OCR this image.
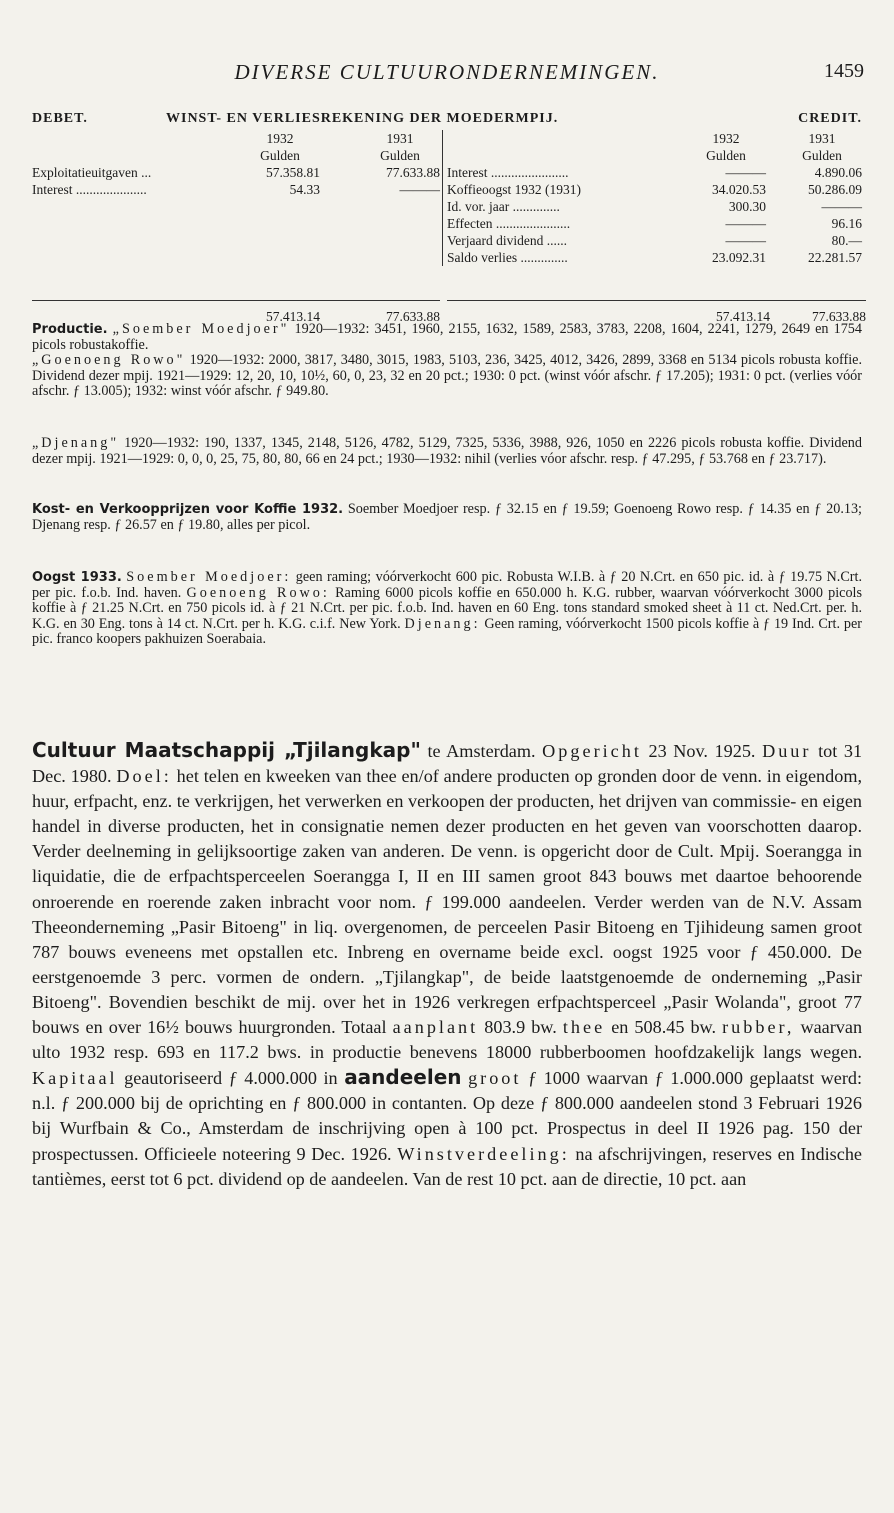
DIVERSE CULTUURONDERNEMINGEN.	1459
DEBET.	WINST- EN VERLIESREKENING DER MOEDERMPIJ.	CREDIT.
1932	1931
Gulden	Gulden
Exploitatieuitgaven ...	57.358.81	77.633.88
Interest .....................	54.33	———
57.413.14	77.633.88
1932	1931
Gulden	Gulden
Interest .......................	———	4.890.06
Koffieoogst 1932 (1931)	34.020.53	50.286.09
Id. vor. jaar ..............	300.30	———
Effecten ......................	———	96.16
Verjaard dividend ......	———	80.—
Saldo verlies ..............	23.092.31	22.281.57
57.413.14	77.633.88

Productie. „Soember Moedjoer" 1920—1932: 3451, 1960, 2155, 1632, 1589, 2583, 3783, 2208, 1604, 2241, 1279, 2649 en 1754 picols robustakoffie.

„Goenoeng Rowo" 1920—1932: 2000, 3817, 3480, 3015, 1983, 5103, 236, 3425, 4012, 3426, 2899, 3368 en 5134 picols robusta koffie. Dividend dezer mpij. 1921—1929: 12, 20, 10, 10½, 60, 0, 23, 32 en 20 pct.; 1930: 0 pct. (winst vóór afschr. ƒ 17.205); 1931: 0 pct. (verlies vóór afschr. ƒ 13.005); 1932: winst vóór afschr. ƒ 949.80.

„Djenang" 1920—1932: 190, 1337, 1345, 2148, 5126, 4782, 5129, 7325, 5336, 3988, 926, 1050 en 2226 picols robusta koffie. Dividend dezer mpij. 1921—1929: 0, 0, 0, 25, 75, 80, 80, 66 en 24 pct.; 1930—1932: nihil (verlies vóor afschr. resp. ƒ 47.295, ƒ 53.768 en ƒ 23.717).

Kost- en Verkoopprijzen voor Koffie 1932. Soember Moedjoer resp. ƒ 32.15 en ƒ 19.59; Goenoeng Rowo resp. ƒ 14.35 en ƒ 20.13; Djenang resp. ƒ 26.57 en ƒ 19.80, alles per picol.

Oogst 1933. Soember Moedjoer: geen raming; vóórverkocht 600 pic. Robusta W.I.B. à ƒ 20 N.Crt. en 650 pic. id. à ƒ 19.75 N.Crt. per pic. f.o.b. Ind. haven. Goenoeng Rowo: Raming 6000 picols koffie en 650.000 h. K.G. rubber, waarvan vóórverkocht 3000 picols koffie à ƒ 21.25 N.Crt. en 750 picols id. à ƒ 21 N.Crt. per pic. f.o.b. Ind. haven en 60 Eng. tons standard smoked sheet à 11 ct. Ned.Crt. per. h. K.G. en 30 Eng. tons à 14 ct. N.Crt. per h. K.G. c.i.f. New York. Djenang: Geen raming, vóórverkocht 1500 picols koffie à ƒ 19 Ind. Crt. per pic. franco koopers pakhuizen Soerabaia.

Cultuur Maatschappij „Tjilangkap" te Amsterdam. Opgericht 23 Nov. 1925. Duur tot 31 Dec. 1980. Doel: het telen en kweeken van thee en/of andere producten op gronden door de venn. in eigendom, huur, erfpacht, enz. te verkrijgen, het verwerken en verkoopen der producten, het drijven van commissie- en eigen handel in diverse producten, het in consignatie nemen dezer producten en het geven van voorschotten daarop. Verder deelneming in gelijksoortige zaken van anderen. De venn. is opgericht door de Cult. Mpij. Soerangga in liquidatie, die de erfpachtsperceelen Soerangga I, II en III samen groot 843 bouws met daartoe behoorende onroerende en roerende zaken inbracht voor nom. ƒ 199.000 aandeelen. Verder werden van de N.V. Assam Theeonderneming „Pasir Bitoeng" in liq. overgenomen, de perceelen Pasir Bitoeng en Tjihideung samen groot 787 bouws eveneens met opstallen etc. Inbreng en overname beide excl. oogst 1925 voor ƒ 450.000. De eerstgenoemde 3 perc. vormen de ondern. „Tjilangkap", de beide laatstgenoemde de onderneming „Pasir Bitoeng". Bovendien beschikt de mij. over het in 1926 verkregen erfpachtsperceel „Pasir Wolanda", groot 77 bouws en over 16½ bouws huurgronden. Totaal aanplant 803.9 bw. thee en 508.45 bw. rubber, waarvan ulto 1932 resp. 693 en 117.2 bws. in productie benevens 18000 rubberboomen hoofdzakelijk langs wegen. Kapitaal geautoriseerd ƒ 4.000.000 in aandeelen groot ƒ 1000 waarvan ƒ 1.000.000 geplaatst werd: n.l. ƒ 200.000 bij de oprichting en ƒ 800.000 in contanten. Op deze ƒ 800.000 aandeelen stond 3 Februari 1926 bij Wurfbain & Co., Amsterdam de inschrijving open à 100 pct. Prospectus in deel II 1926 pag. 150 der prospectussen. Officieele noteering 9 Dec. 1926. Winstverdeeling: na afschrijvingen, reserves en Indische tantièmes, eerst tot 6 pct. dividend op de aandeelen. Van de rest 10 pct. aan de directie, 10 pct. aan
